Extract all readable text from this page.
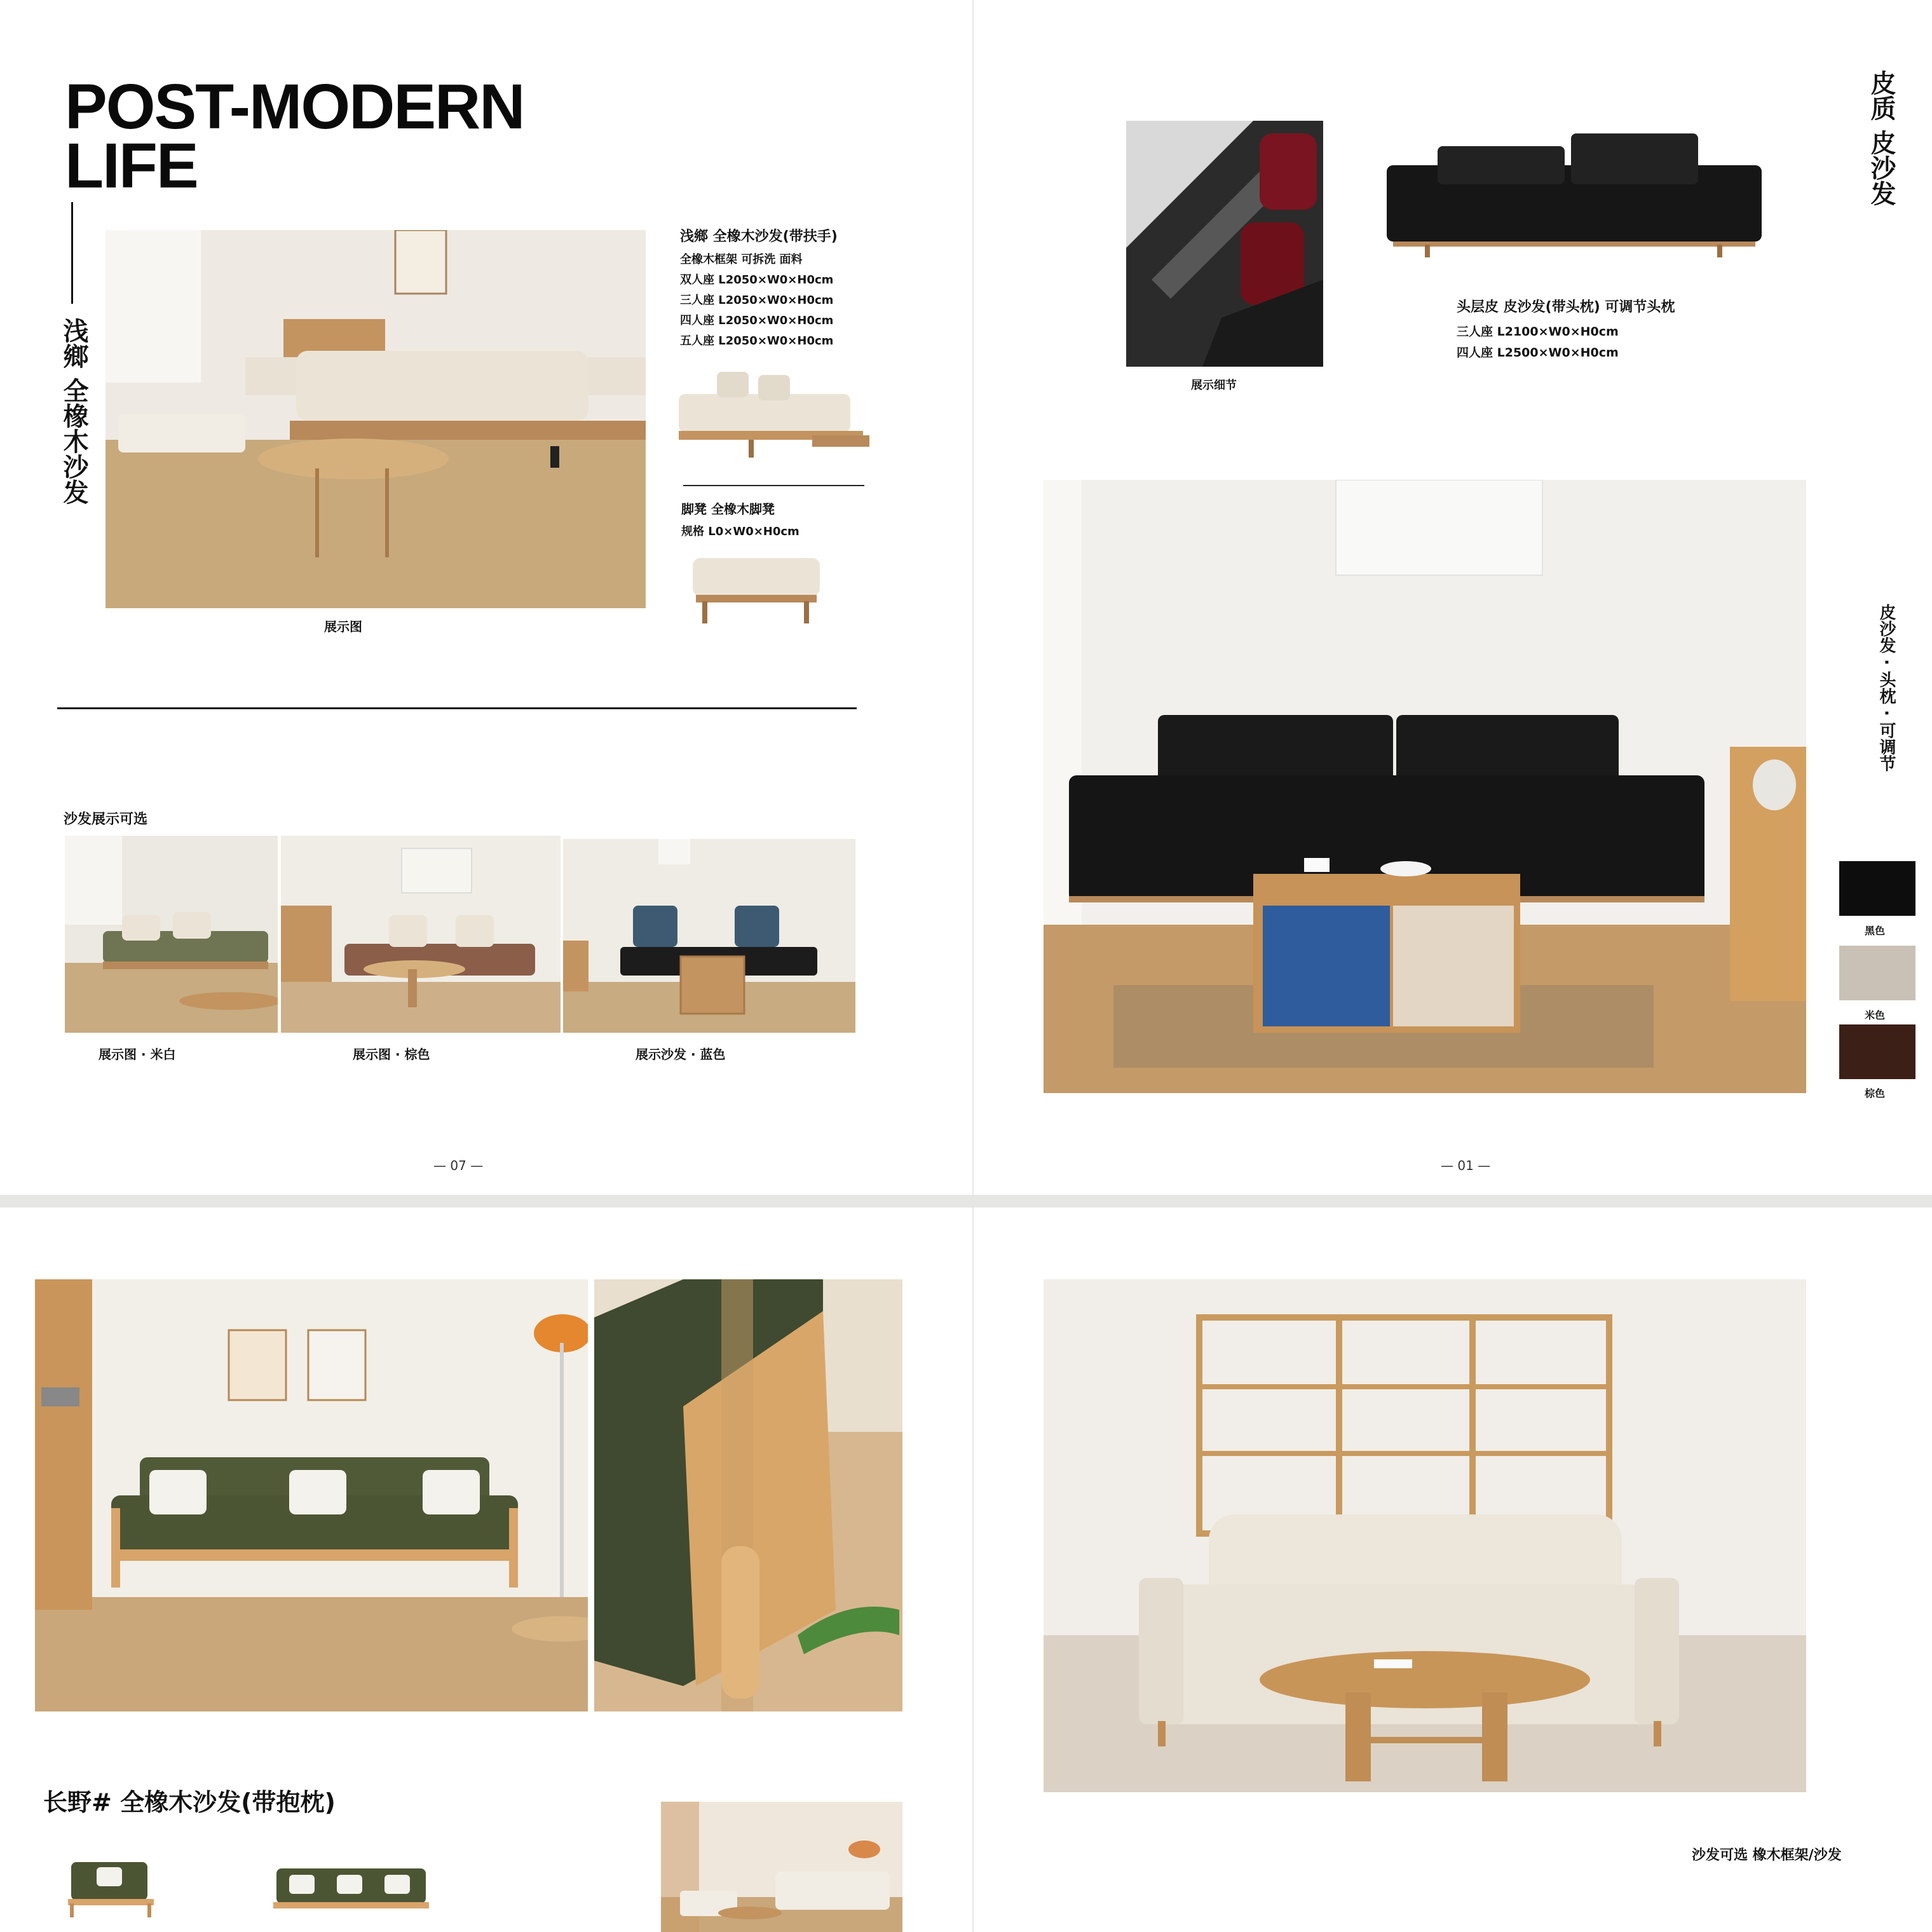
POST-MODERN
LIFE
浅鄉 全橡木沙发
展示图
浅鄉 全橡木沙发(带扶手)
全橡木框架 可拆洗 面料
双人座 L2050×W0×H0cm
三人座 L2050×W0×H0cm
四人座 L2050×W0×H0cm
五人座 L2050×W0×H0cm
脚凳 全橡木脚凳
规格 L0×W0×H0cm
沙发展示可选
展示图 · 米白	展示图 · 棕色	展示沙发 · 蓝色
— 07 —
展示细节
头层皮 皮沙发(带头枕) 可调节头枕
三人座 L2100×W0×H0cm
四人座 L2500×W0×H0cm
皮质 皮沙发
皮沙发 · 头枕 · 可调节
黑色
米色
棕色
— 01 —
长野# 全橡木沙发(带抱枕)
沙发可选 橡木框架/沙发
